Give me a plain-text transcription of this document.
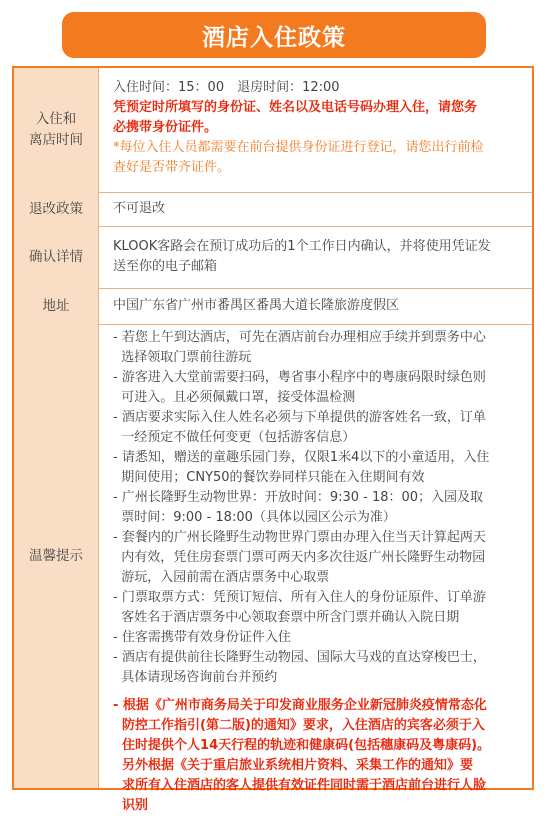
酒店入住政策
入住和
离店时间
入住时间：15：00　退房时间：12:00
凭预定时所填写的身份证、姓名以及电话号码办理入住，请您务
必携带身份证件。
*每位入住人员都需要在前台提供身份证进行登记，请您出行前检
查好是否带齐证件。
退改政策	不可退改
确认详情
KLOOK客路会在预订成功后的1个工作日内确认，并将使用凭证发
送至你的电子邮箱
地址	中国广东省广州市番禺区番禺大道长隆旅游度假区
温馨提示
- 若您上午到达酒店，可先在酒店前台办理相应手续并到票务中心
选择领取门票前往游玩
- 游客进入大堂前需要扫码，粤省事小程序中的粤康码限时绿色则
可进入。且必须佩戴口罩，接受体温检测
- 酒店要求实际入住人姓名必须与下单提供的游客姓名一致，订单
一经预定不做任何变更（包括游客信息）
- 请悉知，赠送的童趣乐园门券，仅限1米4以下的小童适用，入住
期间使用；CNY50的餐饮券同样只能在入住期间有效
- 广州长隆野生动物世界：开放时间：9:30 - 18：00；入园及取
票时间：9:00 - 18:00（具体以园区公示为准）
- 套餐内的广州长隆野生动物世界门票由办理入住当天计算起两天
内有效，凭住房套票门票可两天内多次往返广州长隆野生动物园
游玩，入园前需在酒店票务中心取票
- 门票取票方式：凭预订短信、所有入住人的身份证原件、订单游
客姓名于酒店票务中心领取套票中所含门票并确认入院日期
- 住客需携带有效身份证件入住
- 酒店有提供前往长隆野生动物园、国际大马戏的直达穿梭巴士，
具体请现场咨询前台并预约
- 根据《广州市商务局关于印发商业服务企业新冠肺炎疫情常态化
防控工作指引(第二版)的通知》要求，入住酒店的宾客必须于入
住时提供个人14天行程的轨迹和健康码(包括穗康码及粤康码)。
另外根据《关于重启旅业系统相片资料、采集工作的通知》要
求所有入住酒店的客人提供有效证件同时需于酒店前台进行人脸
识别
